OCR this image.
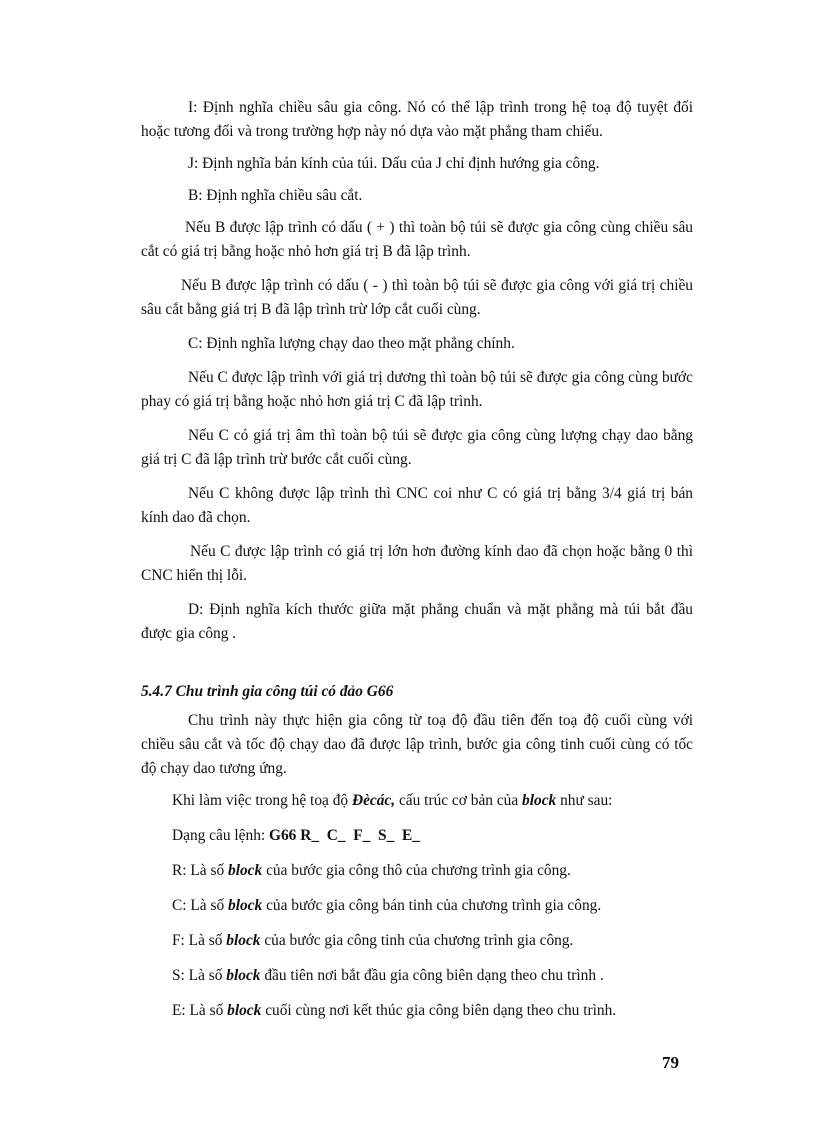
I: Định nghĩa chiều sâu gia công. Nó có thể lập trình trong hệ toạ độ tuyệt đối hoặc tương đối và trong trường hợp này nó dựa vào mặt phẳng tham chiếu.

J: Định nghĩa bán kính của túi. Dấu của J chỉ định hướng gia công.

B: Định nghĩa chiều sâu cắt.

Nếu B được lập trình có dấu ( + ) thì toàn bộ túi sẽ được gia công cùng chiều sâu cắt có giá trị bằng hoặc nhỏ hơn giá trị B đã lập trình.

Nếu B được lập trình có dấu ( - ) thì toàn bộ túi sẽ được gia công với giá trị chiều sâu cắt bằng giá trị B đã lập trình trừ lớp cắt cuối cùng.

C: Định nghĩa lượng chạy dao theo mặt phẳng chính.

Nếu C được lập trình với giá trị dương thì toàn bộ túi sẽ được gia công cùng bước phay có giá trị bằng hoặc nhỏ hơn giá trị C đã lập trình.

Nếu C có giá trị âm thì toàn bộ túi sẽ được gia công cùng lượng chạy dao bằng giá trị C đã lập trình trừ bước cắt cuối cùng.

Nếu C không được lập trình thì CNC coi như C có giá trị bằng 3/4 giá trị bán kính dao đã chọn.

Nếu C được lập trình có giá trị lớn hơn đường kính dao đã chọn hoặc bằng 0 thì CNC hiển thị lỗi.

D: Định nghĩa kích thước giữa mặt phẳng chuẩn và mặt phẳng mà túi bắt đầu được gia công .

5.4.7 Chu trình gia công túi có đảo G66

Chu trình này thực hiện gia công từ toạ độ đầu tiên đến toạ độ cuối cùng với chiều sâu cắt và tốc độ chạy dao đã được lập trình, bước gia công tinh cuối cùng có tốc độ chạy dao tương ứng.

Khi làm việc trong hệ toạ độ Đècác, cấu trúc cơ bản của block như sau:

Dạng câu lệnh: G66 R_  C_  F_  S_  E_

R: Là số block của bước gia công thô của chương trình gia công.

C: Là số block của bước gia công bán tinh của chương trình gia công.

F: Là số block của bước gia công tinh của chương trình gia công.

S: Là số block đầu tiên nơi bắt đầu gia công biên dạng theo chu trình .

E: Là số block cuối cùng nơi kết thúc gia công biên dạng theo chu trình.

79
